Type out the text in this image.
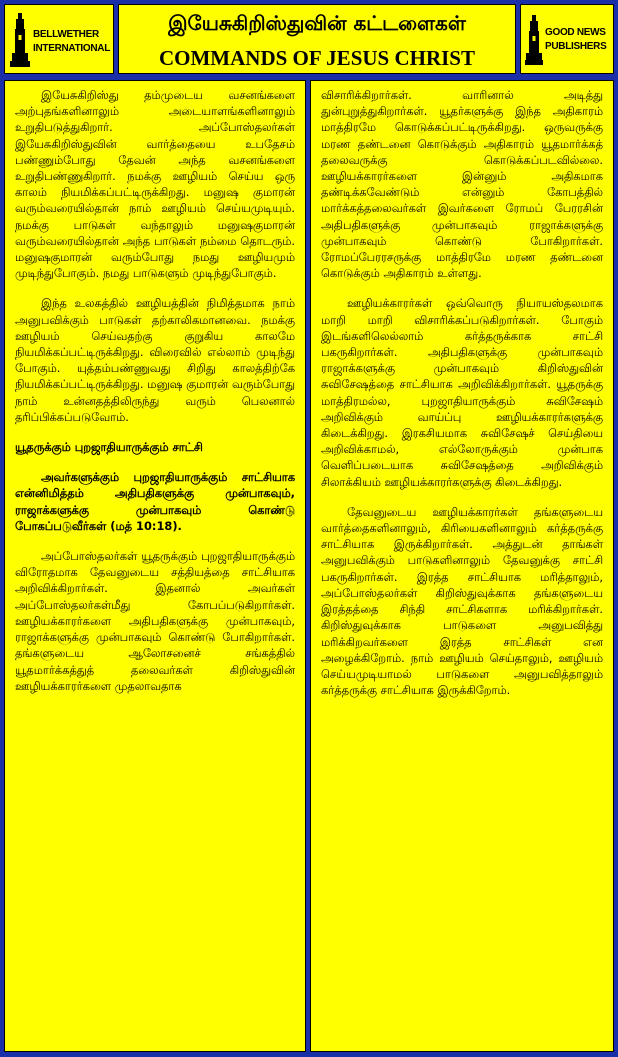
BELLWETHER
INTERNATIONAL
இயேசுகிறிஸ்துவின் கட்டளைகள்
COMMANDS OF JESUS CHRIST
GOOD NEWS
PUBLISHERS

இயேசுகிறிஸ்து தம்முடைய வசனங்களை அற்புதங்களினாலும் அடையாளங்களினாலும் உறுதிபடுத்துகிறார். அப்போஸ்தலர்கள் இயேசுகிறிஸ்துவின் வார்த்தையை உபதேசம் பண்ணும்போது தேவன் அந்த வசனங்களை உறுதிபண்ணுகிறார். நமக்கு ஊழியம் செய்ய ஒரு காலம் நியமிக்கப்பட்டிருக்கிறது. மனுஷ குமாரன் வரும்வரையில்தான் நாம் ஊழியம் செய்யமுடியும். நமக்கு பாடுகள் வந்தாலும் மனுஷகுமாரன் வரும்வரையில்தான் அந்த பாடுகள் நம்மை தொடரும். மனுஷகுமாரன் வரும்போது நமது ஊழியமும் முடிந்துபோகும். நமது பாடுகளும் முடிந்துபோகும்.

இந்த உலகத்தில் ஊழியத்தின் நிமித்தமாக நாம் அனுபவிக்கும் பாடுகள் தற்காலிகமானவை. நமக்கு ஊழியம் செய்வதற்கு குறுகிய காலமே நியமிக்கப்பட்டிருக்கிறது. விரைவில் எல்லாம் முடிந்து போகும். யுத்தம்பண்ணுவது சிறிது காலத்திற்கே நியமிக்கப்பட்டிருக்கிறது. மனுஷ குமாரன் வரும்போது நாம் உன்னதத்திலிருந்து வரும் பெலனால் தரிப்பிக்கப்படுவோம்.

யூதருக்கும் புறஜாதியாருக்கும் சாட்சி

அவர்களுக்கும் புறஜாதியாருக்கும் சாட்சியாக என்னிமித்தம் அதிபதிகளுக்கு முன்பாகவும், ராஜாக்களுக்கு முன்பாகவும் கொண்டு போகப்படுவீர்கள் (மத் 10:18).

அப்போஸ்தலர்கள் யூதருக்கும் புறஜாதியாருக்கும் விரோதமாக தேவனுடைய சத்தியத்தை சாட்சியாக அறிவிக்கிறார்கள். இதனால் அவர்கள் அப்போஸ்தலர்கள்மீது கோபப்படுகிறார்கள். ஊழியக்காரர்களை அதிபதிகளுக்கு முன்பாகவும், ராஜாக்களுக்கு முன்பாகவும் கொண்டு போகிறார்கள். தங்களுடைய ஆலோசனைச் சங்கத்தில் யூதமார்க்கத்துத் தலைவர்கள் கிறிஸ்துவின் ஊழியக்காரர்களை முதலாவதாக

விசாரிக்கிறார்கள். வாரினால் அடித்து துன்புறுத்துகிறார்கள். யூதர்களுக்கு இந்த அதிகாரம் மாத்திரமே கொடுக்கப்பட்டிருக்கிறது. ஒருவருக்கு மரண தண்டனை கொடுக்கும் அதிகாரம் யூதமார்க்கத் தலைவருக்கு கொடுக்கப்படவில்லை. ஊழியக்காரர்களை இன்னும் அதிகமாக தண்டிக்கவேண்டும் என்னும் கோபத்தில் மார்க்கத்தலைவர்கள் இவர்களை ரோமப் பேரரசின் அதிபதிகளுக்கு முன்பாகவும் ராஜாக்களுக்கு முன்பாகவும் கொண்டு போகிறார்கள். ரோமப்பேரரசருக்கு மாத்திரமே மரண தண்டனை கொடுக்கும் அதிகாரம் உள்ளது.

ஊழியக்காரர்கள் ஒவ்வொரு நியாயஸ்தலமாக மாறி மாறி விசாரிக்கப்படுகிறார்கள். போகும் இடங்களிலெல்லாம் கர்த்தருக்காக சாட்சி பகருகிறார்கள். அதிபதிகளுக்கு முன்பாகவும் ராஜாக்களுக்கு முன்பாகவும் கிறிஸ்துவின் சுவிசேஷத்தை சாட்சியாக அறிவிக்கிறார்கள். யூதருக்கு மாத்திரமல்ல, புறஜாதியாருக்கும் சுவிசேஷம் அறிவிக்கும் வாய்ப்பு ஊழியக்காரர்களுக்கு கிடைக்கிறது. இரகசியமாக சுவிசேஷச் செய்தியை அறிவிக்காமல், எல்லோருக்கும் முன்பாக வெளிப்படையாக சுவிசேஷத்தை அறிவிக்கும் சிலாக்கியம் ஊழியக்காரர்களுக்கு கிடைக்கிறது.

தேவனுடைய ஊழியக்காரர்கள் தங்களுடைய வார்த்தைகளினாலும், கிரியைகளினாலும் கர்த்தருக்கு சாட்சியாக இருக்கிறார்கள். அத்துடன் தாங்கள் அனுபவிக்கும் பாடுகளினாலும் தேவனுக்கு சாட்சி பகருகிறார்கள். இரத்த சாட்சியாக மரித்தாலும், அப்போஸ்தலர்கள் கிறிஸ்துவுக்காக தங்களுடைய இரத்தத்தை சிந்தி சாட்சிகளாக மரிக்கிறார்கள். கிறிஸ்துவுக்காக பாடுகளை அனுபவித்து மரிக்கிறவர்களை இரத்த சாட்சிகள் என அழைக்கிறோம். நாம் ஊழியம் செய்தாலும், ஊழியம் செய்யமுடியாமல் பாடுகளை அனுபவித்தாலும் கர்த்தருக்கு சாட்சியாக இருக்கிறோம்.
